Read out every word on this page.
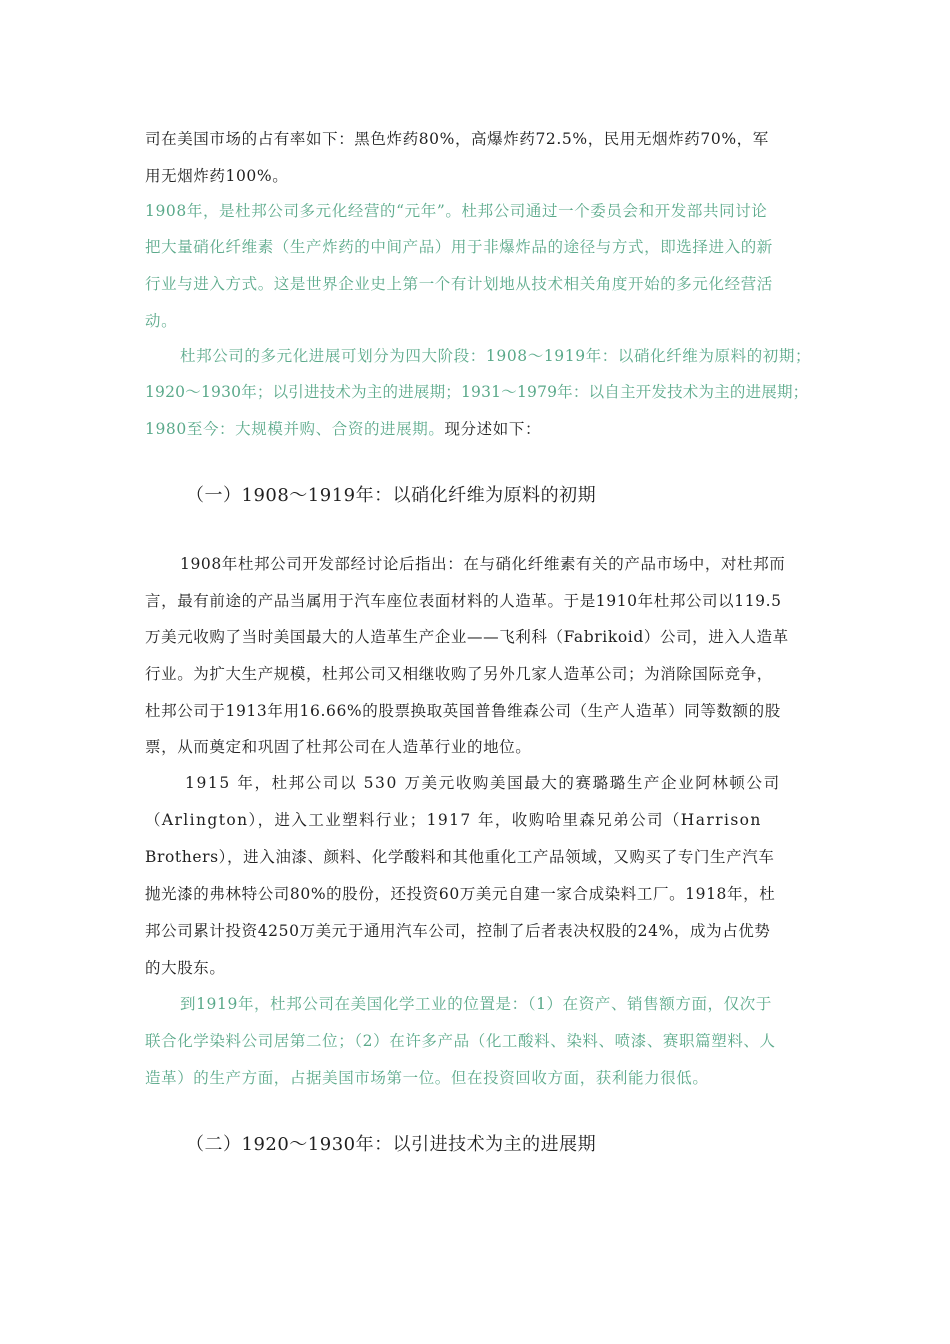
司在美国市场的占有率如下：黑色炸药80%，高爆炸药72.5%，民用无烟炸药70%，军
用无烟炸药100%。
1908年，是杜邦公司多元化经营的“元年”。杜邦公司通过一个委员会和开发部共同讨论
把大量硝化纤维素（生产炸药的中间产品）用于非爆炸品的途径与方式，即选择进入的新
行业与进入方式。这是世界企业史上第一个有计划地从技术相关角度开始的多元化经营活
动。
杜邦公司的多元化进展可划分为四大阶段：1908～1919年：以硝化纤维为原料的初期；
1920～1930年；以引进技术为主的进展期；1931～1979年：以自主开发技术为主的进展期；
1980至今：大规模并购、合资的进展期。现分述如下：
（一）1908～1919年：以硝化纤维为原料的初期
1908年杜邦公司开发部经讨论后指出：在与硝化纤维素有关的产品市场中，对杜邦而
言，最有前途的产品当属用于汽车座位表面材料的人造革。于是1910年杜邦公司以119.5
万美元收购了当时美国最大的人造革生产企业——飞利科（Fabrikoid）公司，进入人造革
行业。为扩大生产规模，杜邦公司又相继收购了另外几家人造革公司；为消除国际竞争，
杜邦公司于1913年用16.66%的股票换取英国普鲁维森公司（生产人造革）同等数额的股
票，从而奠定和巩固了杜邦公司在人造革行业的地位。
1915 年，杜邦公司以 530 万美元收购美国最大的赛璐璐生产企业阿林顿公司
（Arlington），进入工业塑料行业；1917 年，收购哈里森兄弟公司（Harrison
Brothers），进入油漆、颜料、化学酸料和其他重化工产品领域，又购买了专门生产汽车
抛光漆的弗林特公司80%的股份，还投资60万美元自建一家合成染料工厂。1918年，杜
邦公司累计投资4250万美元于通用汽车公司，控制了后者表决权股的24%，成为占优势
的大股东。
到1919年，杜邦公司在美国化学工业的位置是：（1）在资产、销售额方面，仅次于
联合化学染料公司居第二位；（2）在许多产品（化工酸料、染料、喷漆、赛职篇塑料、人
造革）的生产方面，占据美国市场第一位。但在投资回收方面，获利能力很低。
（二）1920～1930年：以引进技术为主的进展期
